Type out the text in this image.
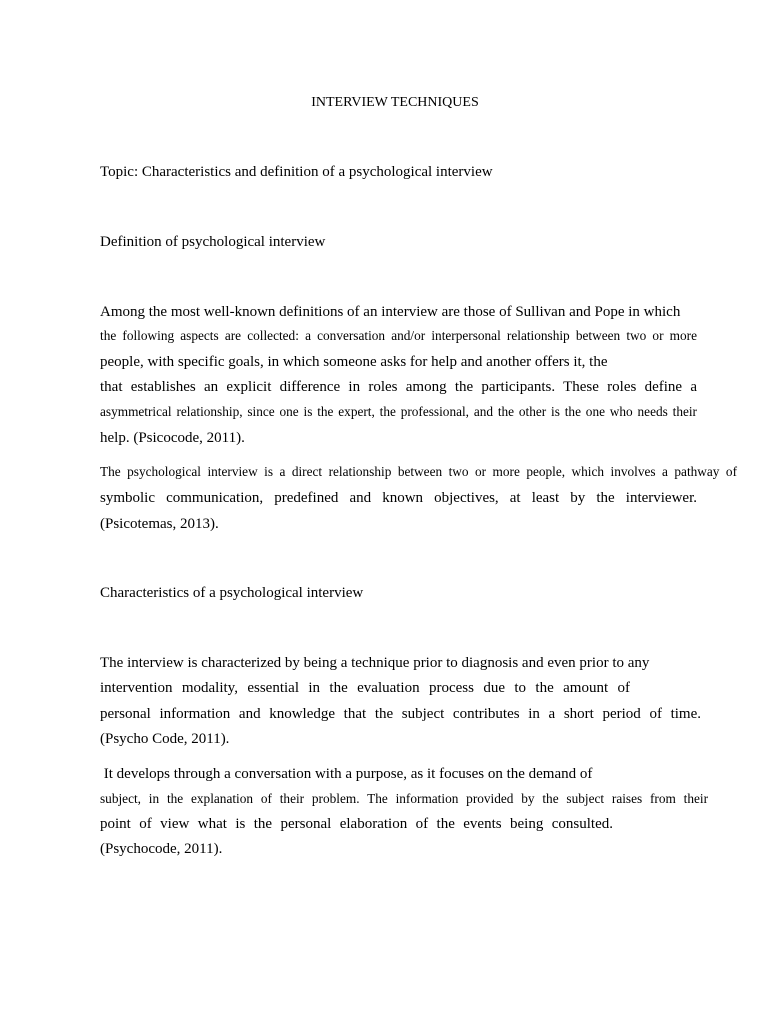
INTERVIEW TECHNIQUES
Topic: Characteristics and definition of a psychological interview
Definition of psychological interview
Among the most well-known definitions of an interview are those of Sullivan and Pope in which
the following aspects are collected: a conversation and/or interpersonal relationship between two or more
people, with specific goals, in which someone asks for help and another offers it, the
that establishes an explicit difference in roles among the participants. These roles define a
asymmetrical relationship, since one is the expert, the professional, and the other is the one who needs their
help. (Psicocode, 2011).
The psychological interview is a direct relationship between two or more people, which involves a pathway of
symbolic communication, predefined and known objectives, at least by the interviewer.
(Psicotemas, 2013).
Characteristics of a psychological interview
The interview is characterized by being a technique prior to diagnosis and even prior to any
intervention modality, essential in the evaluation process due to the amount of
personal information and knowledge that the subject contributes in a short period of time.
(Psycho Code, 2011).
It develops through a conversation with a purpose, as it focuses on the demand of
subject, in the explanation of their problem. The information provided by the subject raises from their
point of view what is the personal elaboration of the events being consulted.
(Psychocode, 2011).
